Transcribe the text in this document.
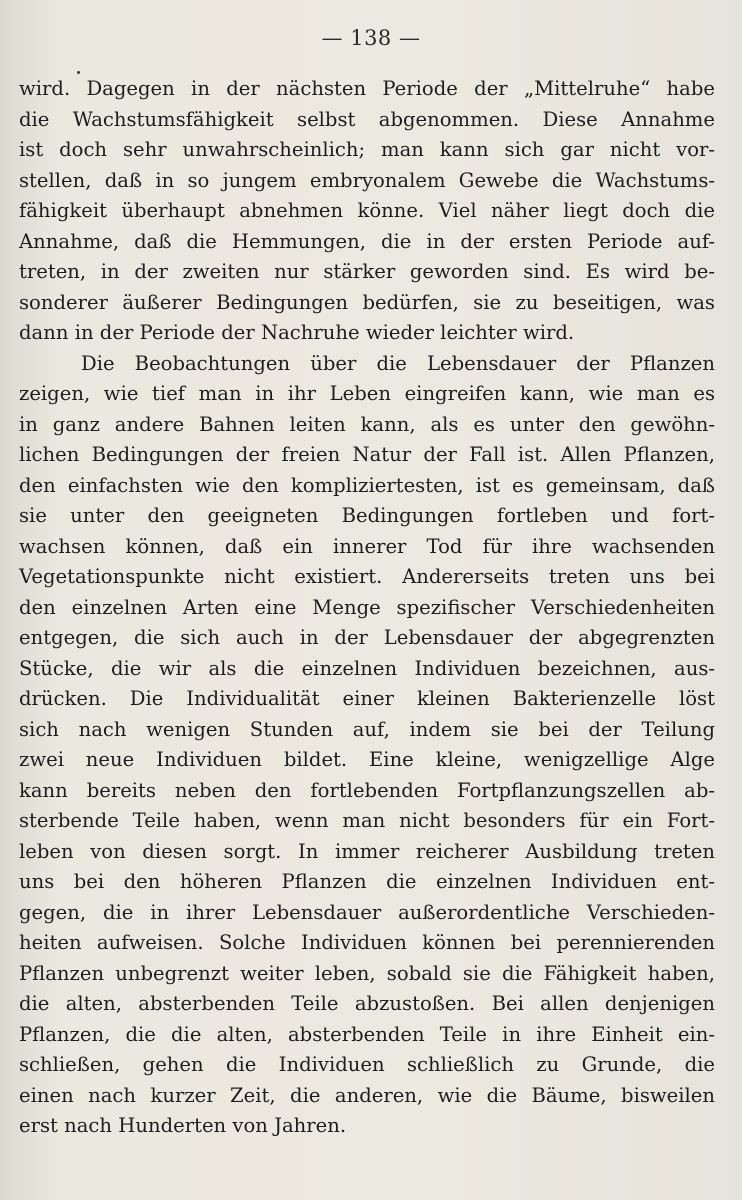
— 138 —
wird. Dagegen in der nächsten Periode der „Mittelruhe“ habe
die Wachstumsfähigkeit selbst abgenommen. Diese Annahme
ist doch sehr unwahrscheinlich; man kann sich gar nicht vor-
stellen, daß in so jungem embryonalem Gewebe die Wachstums-
fähigkeit überhaupt abnehmen könne. Viel näher liegt doch die
Annahme, daß die Hemmungen, die in der ersten Periode auf-
treten, in der zweiten nur stärker geworden sind. Es wird be-
sonderer äußerer Bedingungen bedürfen, sie zu beseitigen, was
dann in der Periode der Nachruhe wieder leichter wird.
Die Beobachtungen über die Lebensdauer der Pflanzen
zeigen, wie tief man in ihr Leben eingreifen kann, wie man es
in ganz andere Bahnen leiten kann, als es unter den gewöhn-
lichen Bedingungen der freien Natur der Fall ist. Allen Pflanzen,
den einfachsten wie den kompliziertesten, ist es gemeinsam, daß
sie unter den geeigneten Bedingungen fortleben und fort-
wachsen können, daß ein innerer Tod für ihre wachsenden
Vegetationspunkte nicht existiert. Andererseits treten uns bei
den einzelnen Arten eine Menge spezifischer Verschiedenheiten
entgegen, die sich auch in der Lebensdauer der abgegrenzten
Stücke, die wir als die einzelnen Individuen bezeichnen, aus-
drücken. Die Individualität einer kleinen Bakterienzelle löst
sich nach wenigen Stunden auf, indem sie bei der Teilung
zwei neue Individuen bildet. Eine kleine, wenigzellige Alge
kann bereits neben den fortlebenden Fortpflanzungszellen ab-
sterbende Teile haben, wenn man nicht besonders für ein Fort-
leben von diesen sorgt. In immer reicherer Ausbildung treten
uns bei den höheren Pflanzen die einzelnen Individuen ent-
gegen, die in ihrer Lebensdauer außerordentliche Verschieden-
heiten aufweisen. Solche Individuen können bei perennierenden
Pflanzen unbegrenzt weiter leben, sobald sie die Fähigkeit haben,
die alten, absterbenden Teile abzustoßen. Bei allen denjenigen
Pflanzen, die die alten, absterbenden Teile in ihre Einheit ein-
schließen, gehen die Individuen schließlich zu Grunde, die
einen nach kurzer Zeit, die anderen, wie die Bäume, bisweilen
erst nach Hunderten von Jahren.
